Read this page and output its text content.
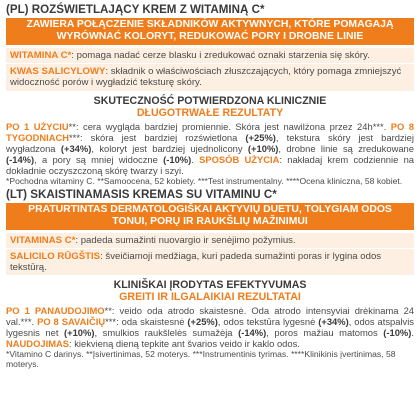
(PL) ROZŚWIETLAJĄCY KREM Z WITAMINĄ C*
ZAWIERA POŁĄCZENIE SKŁADNIKÓW AKTYWNYCH, KTÓRE POMAGAJĄ
WYRÓWNAĆ KOLORYT, REDUKOWAĆ PORY I DROBNE LINIE
WITAMINA C*: pomaga nadać cerze blasku i zredukować oznaki starzenia się skóry.
KWAS SALICYLOWY: składnik o właściwościach złuszczających, który pomaga zmniejszyć widoczność porów i wygładzić teksturę skóry.
SKUTECZNOŚĆ POTWIERDZONA KLINICZNIE
DŁUGOTRWAŁE REZULTATY
PO 1 UŻYCIU**: cera wygląda bardziej promiennie. Skóra jest nawilżona przez 24h***. PO 8 TYGODNIACH***: skóra jest bardziej rozświetlona (+25%), tekstura skóry jest bardziej wygładzona (+34%), koloryt jest bardziej ujednolicony (+10%), drobne linie są zredukowane (-14%), a pory są mniej widoczne (-10%). SPOSÓB UŻYCIA: nakładaj krem codziennie na dokładnie oczyszczoną skórę twarzy i szyi.
*Pochodna witaminy C. **Samoocena, 52 kobiety. ***Test instrumentalny. ****Ocena kliniczna, 58 kobiet.
(LT) SKAISTINAMASIS KREMAS SU VITAMINU C*
PRATURTINTAS DERMATOLOGIŠKAI AKTYVIŲ DUETU, TOLYGIAM ODOS
TONUI, PORŲ IR RAUKŠLIŲ MAŽINIMUI
VITAMINAS C*: padeda sumažinti nuovargio ir senėjimo požymius.
SALICILO RŪGŠTIS: šveičiamoji medžiaga, kuri padeda sumažinti poras ir lygina odos tekstūrą.
KLINIŠKAI ĮRODYTAS EFEKTYVUMAS
GREITI IR ILGALAIKIAI REZULTATAI
PO 1 PANAUDOJIMO**: veido oda atrodo skaistesnė. Oda atrodo intensyviai drėkinama 24 val.***. PO 8 SAVAIČIŲ***: oda skaistesnė (+25%), odos tekstūra lygesnė (+34%), odos atspalvis lygesnis net (+10%), smulkios raukšlelės sumažėja (-14%), poros mažiau matomos (-10%). NAUDOJIMAS: kiekvieną dieną tepkite ant švarios veido ir kaklo odos.
*Vitamino C darinys. **Įsivertinimas, 52 moterys. ***Instrumentinis tyrimas. ****Klinikinis įvertinimas, 58 moterys.
